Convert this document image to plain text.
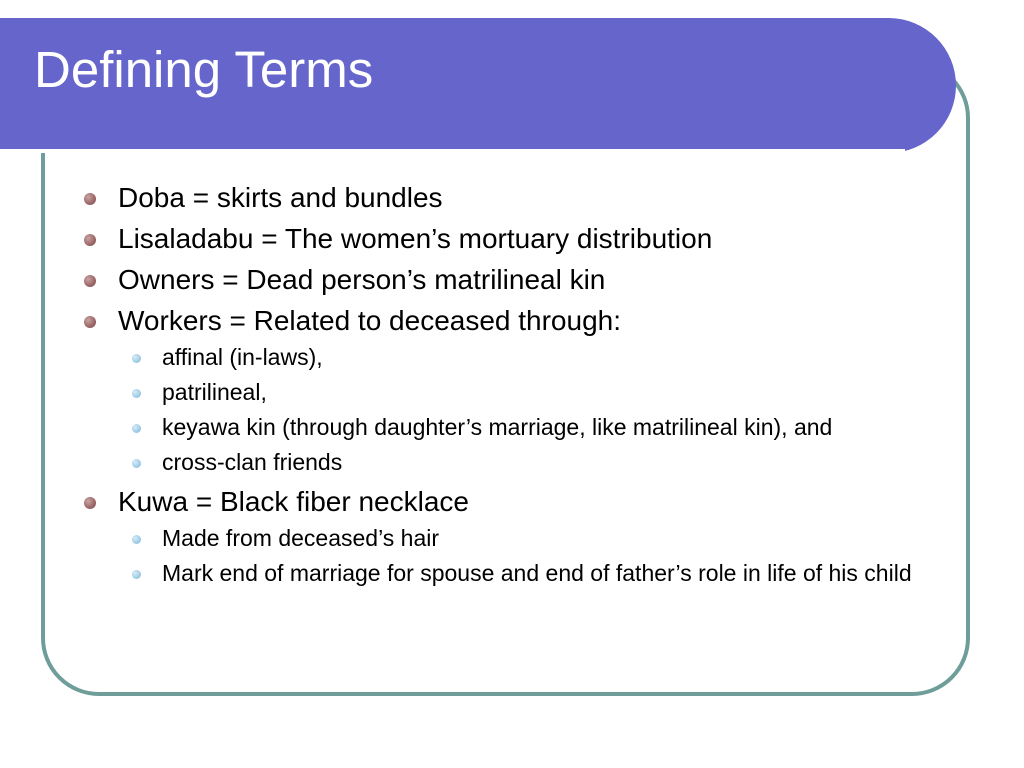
Defining Terms
Doba = skirts and bundles
Lisaladabu = The women’s mortuary distribution
Owners = Dead person’s matrilineal kin
Workers = Related to deceased through:
affinal (in-laws),
patrilineal,
keyawa kin (through daughter’s marriage, like matrilineal kin), and
cross-clan friends
Kuwa = Black fiber necklace
Made from deceased’s hair
Mark end of marriage for spouse and end of father’s role in life of his child
